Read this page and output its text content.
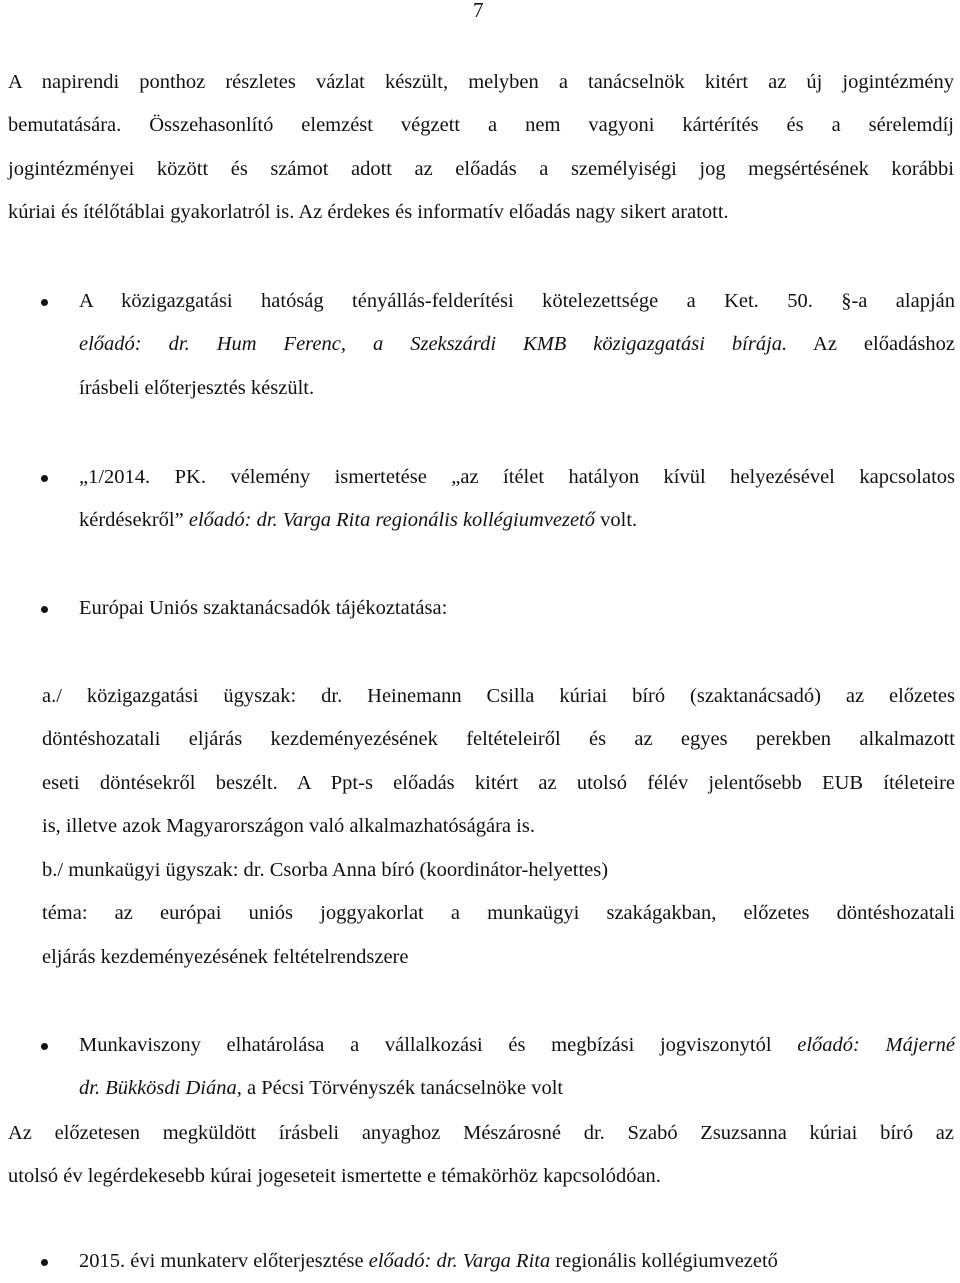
7
A napirendi ponthoz részletes vázlat készült, melyben a tanácselnök kitért az új jogintézmény
bemutatására. Összehasonlító elemzést végzett a nem vagyoni kártérítés és a sérelemdíj
jogintézményei között és számot adott az előadás a személyiségi jog megsértésének korábbi
kúriai és ítélőtáblai gyakorlatról is. Az érdekes és informatív előadás nagy sikert aratott.
A közigazgatási hatóság tényállás-felderítési kötelezettsége a Ket. 50. §-a alapján
előadó: dr. Hum Ferenc, a Szekszárdi KMB közigazgatási bírája. Az előadáshoz
írásbeli előterjesztés készült.
„1/2014. PK. vélemény ismertetése „az ítélet hatályon kívül helyezésével kapcsolatos
kérdésekről” előadó: dr. Varga Rita regionális kollégiumvezető volt.
Európai Uniós szaktanácsadók tájékoztatása:
a./ közigazgatási ügyszak: dr. Heinemann Csilla kúriai bíró (szaktanácsadó) az előzetes
döntéshozatali eljárás kezdeményezésének feltételeiről és az egyes perekben alkalmazott
eseti döntésekről beszélt. A Ppt-s előadás kitért az utolsó félév jelentősebb EUB ítéleteire
is, illetve azok Magyarországon való alkalmazhatóságára is.
b./ munkaügyi ügyszak: dr. Csorba Anna bíró (koordinátor-helyettes)
téma: az európai uniós joggyakorlat a munkaügyi szakágakban, előzetes döntéshozatali
eljárás kezdeményezésének feltételrendszere
Munkaviszony elhatárolása a vállalkozási és megbízási jogviszonytól előadó: Májerné
dr. Bükkösdi Diána, a Pécsi Törvényszék tanácselnöke volt
Az előzetesen megküldött írásbeli anyaghoz Mészárosné dr. Szabó Zsuzsanna kúriai bíró az
utolsó év legérdekesebb kúrai jogeseteit ismertette e témakörhöz kapcsolódóan.
2015. évi munkaterv előterjesztése előadó: dr. Varga Rita regionális kollégiumvezető
